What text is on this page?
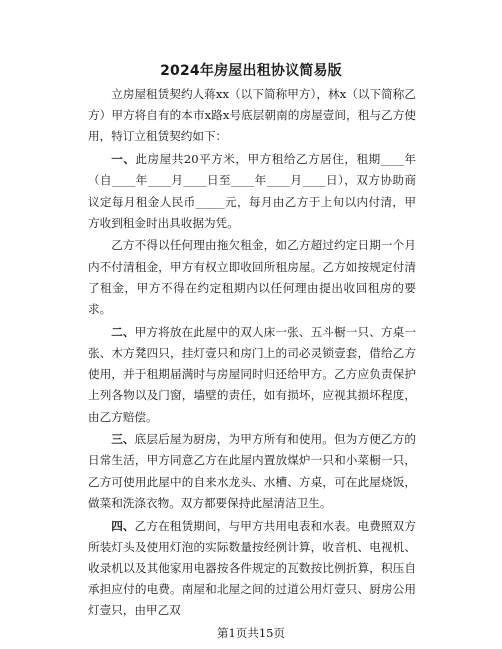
2024年房屋出租协议简易版

立房屋租赁契约人蒋xx（以下简称甲方），林x（以下简称乙方）甲方将自有的本市x路x号底层朝南的房屋壹间，租与乙方使用，特订立租赁契约如下：

一、此房屋共20平方米，甲方租给乙方居住，租期____年（自____年____月____日至____年____月____日），双方协助商议定每月租金人民币_____元，每月由乙方于上旬以内付清，甲方收到租金时出具收据为凭。

乙方不得以任何理由拖欠租金，如乙方超过约定日期一个月内不付清租金，甲方有权立即收回所租房屋。乙方如按规定付清了租金，甲方不得在约定租期内以任何理由提出收回租房的要求。

二、甲方将放在此屋中的双人床一张、五斗橱一只、方桌一张、木方凳四只，挂灯壹只和房门上的司必灵锁壹套，借给乙方使用，并于租期届满时与房屋同时归还给甲方。乙方应负责保护上列各物以及门窗，墙壁的责任，如有损坏，应视其损坏程度，由乙方赔偿。

三、底层后屋为厨房，为甲方所有和使用。但为方便乙方的日常生活，甲方同意乙方在此屋内置放煤炉一只和小菜橱一只，乙方可使用此屋中的自来水龙头、水槽、方桌，可在此屋烧饭，做菜和洗涤衣物。双方都要保持此屋清洁卫生。

四、乙方在租赁期间，与甲方共用电表和水表。电费照双方所装灯头及使用灯泡的实际数量按经例计算，收音机、电视机、收录机以及其他家用电器按各件规定的瓦数按比例折算，积压自承担应付的电费。南屋和北屋之间的过道公用灯壹只、厨房公用灯壹只，由甲乙双

第1页共15页
